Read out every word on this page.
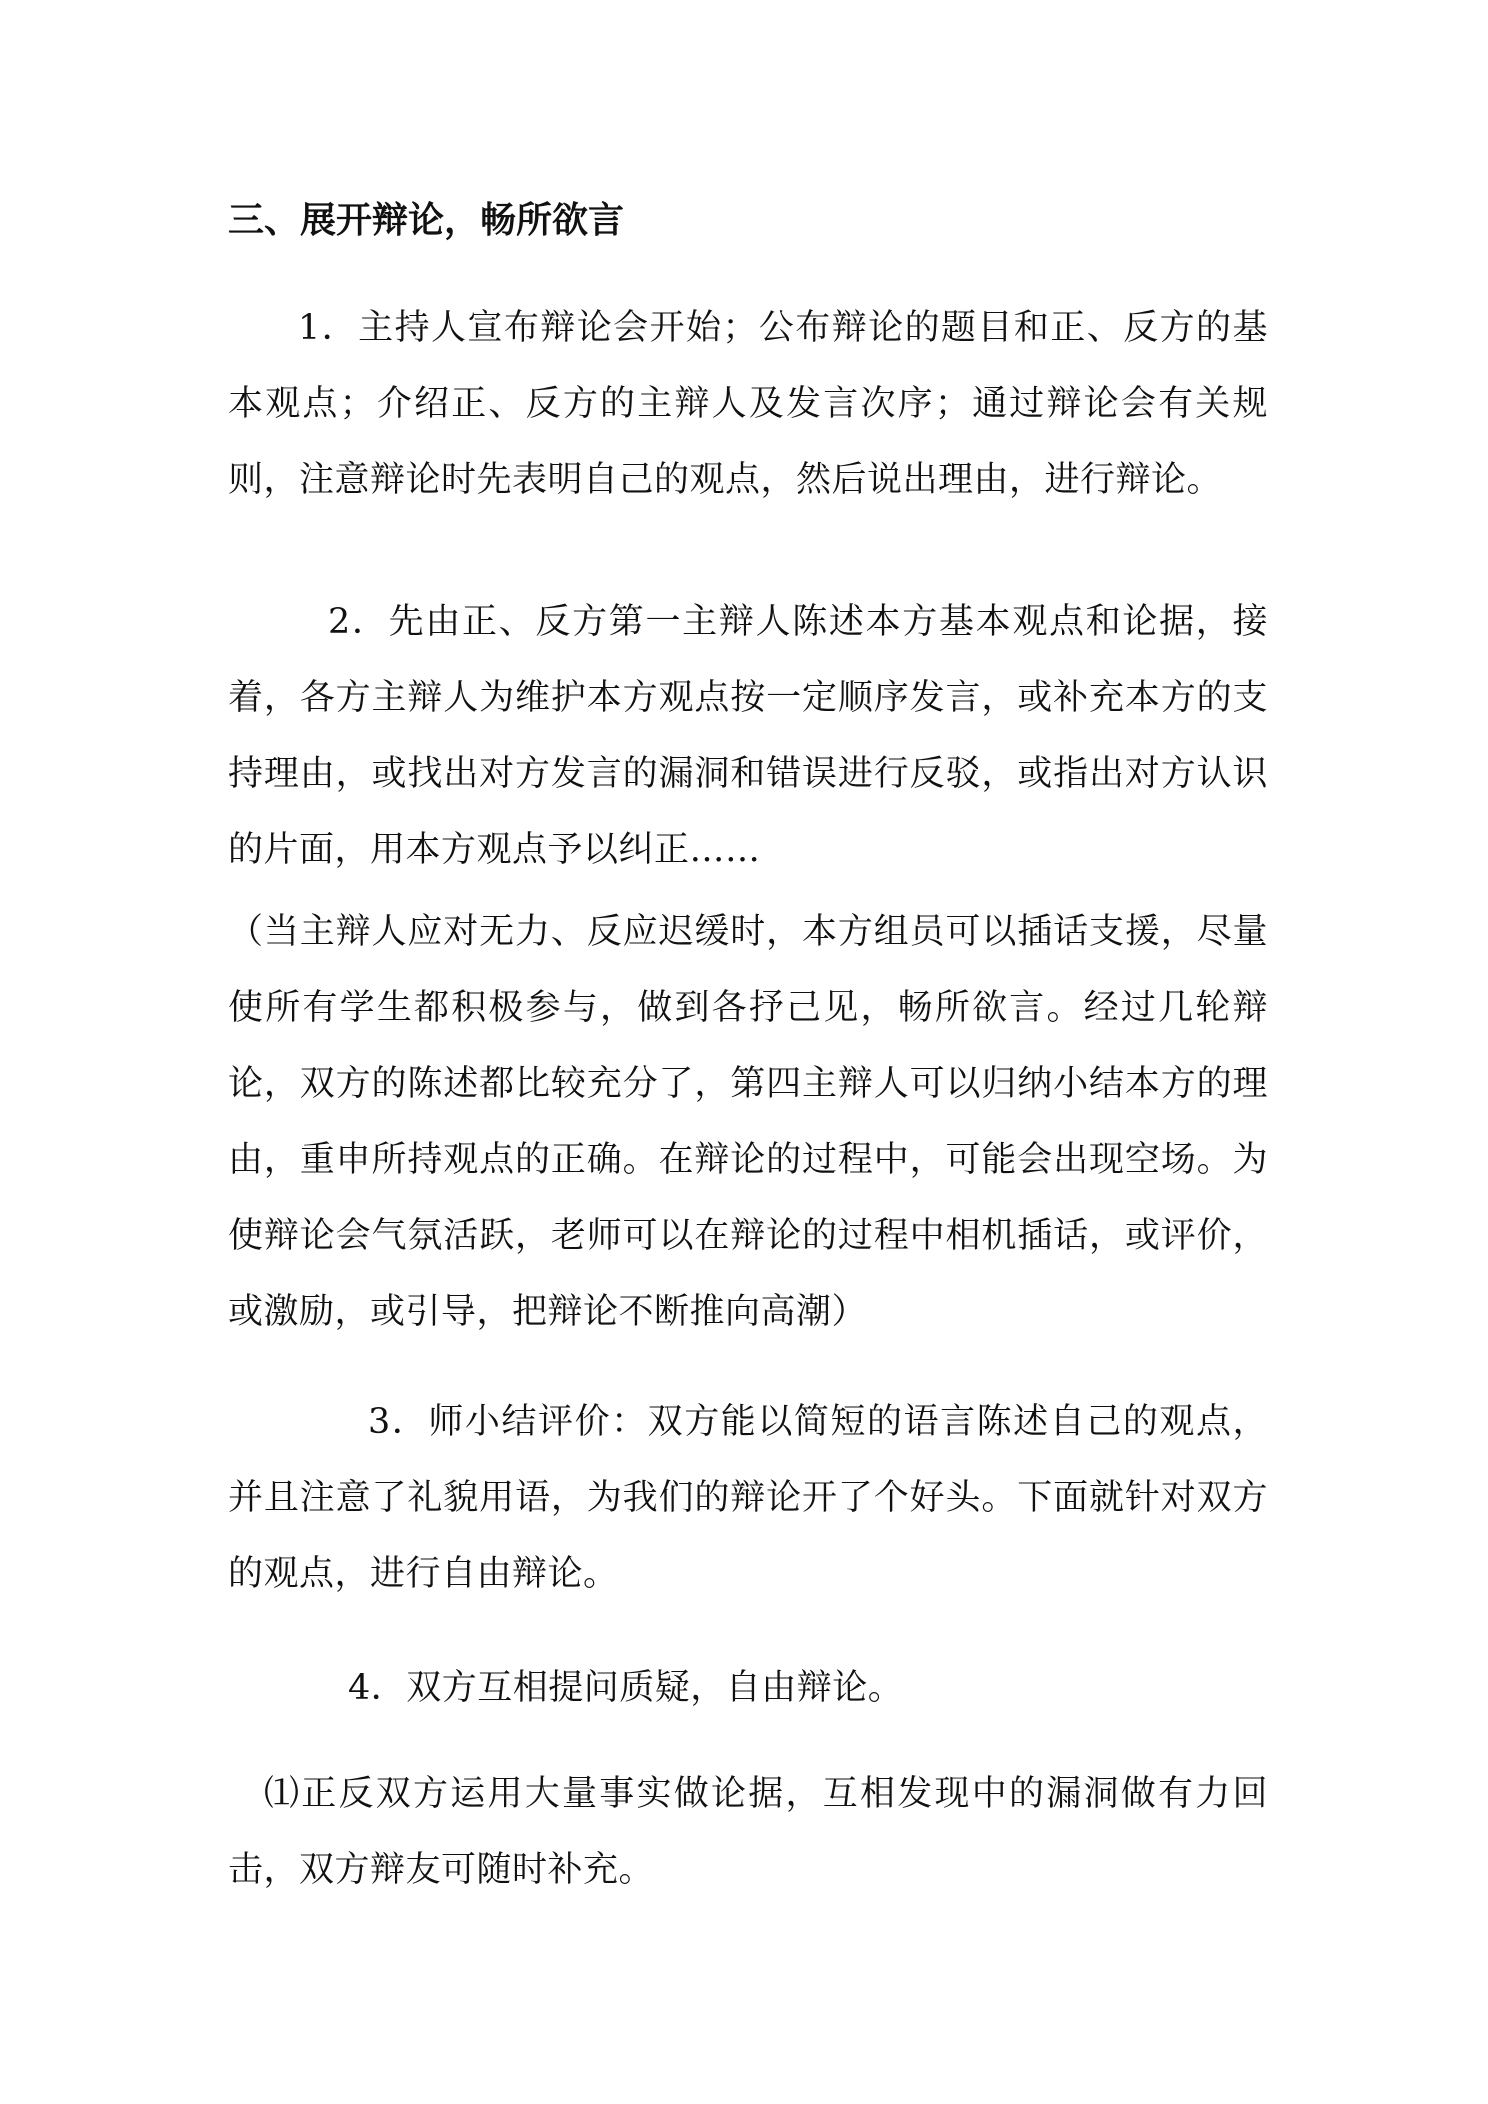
三、展开辩论，畅所欲言
1．主持人宣布辩论会开始；公布辩论的题目和正、反方的基本观点；介绍正、反方的主辩人及发言次序；通过辩论会有关规则，注意辩论时先表明自己的观点，然后说出理由，进行辩论。
2．先由正、反方第一主辩人陈述本方基本观点和论据，接着，各方主辩人为维护本方观点按一定顺序发言，或补充本方的支持理由，或找出对方发言的漏洞和错误进行反驳，或指出对方认识的片面，用本方观点予以纠正……
（当主辩人应对无力、反应迟缓时，本方组员可以插话支援，尽量使所有学生都积极参与，做到各抒己见，畅所欲言。经过几轮辩论，双方的陈述都比较充分了，第四主辩人可以归纳小结本方的理由，重申所持观点的正确。在辩论的过程中，可能会出现空场。为使辩论会气氛活跃，老师可以在辩论的过程中相机插话，或评价，或激励，或引导，把辩论不断推向高潮）
3．师小结评价：双方能以简短的语言陈述自己的观点，并且注意了礼貌用语，为我们的辩论开了个好头。下面就针对双方的观点，进行自由辩论。
4．双方互相提问质疑，自由辩论。
⑴正反双方运用大量事实做论据，互相发现中的漏洞做有力回击，双方辩友可随时补充。
